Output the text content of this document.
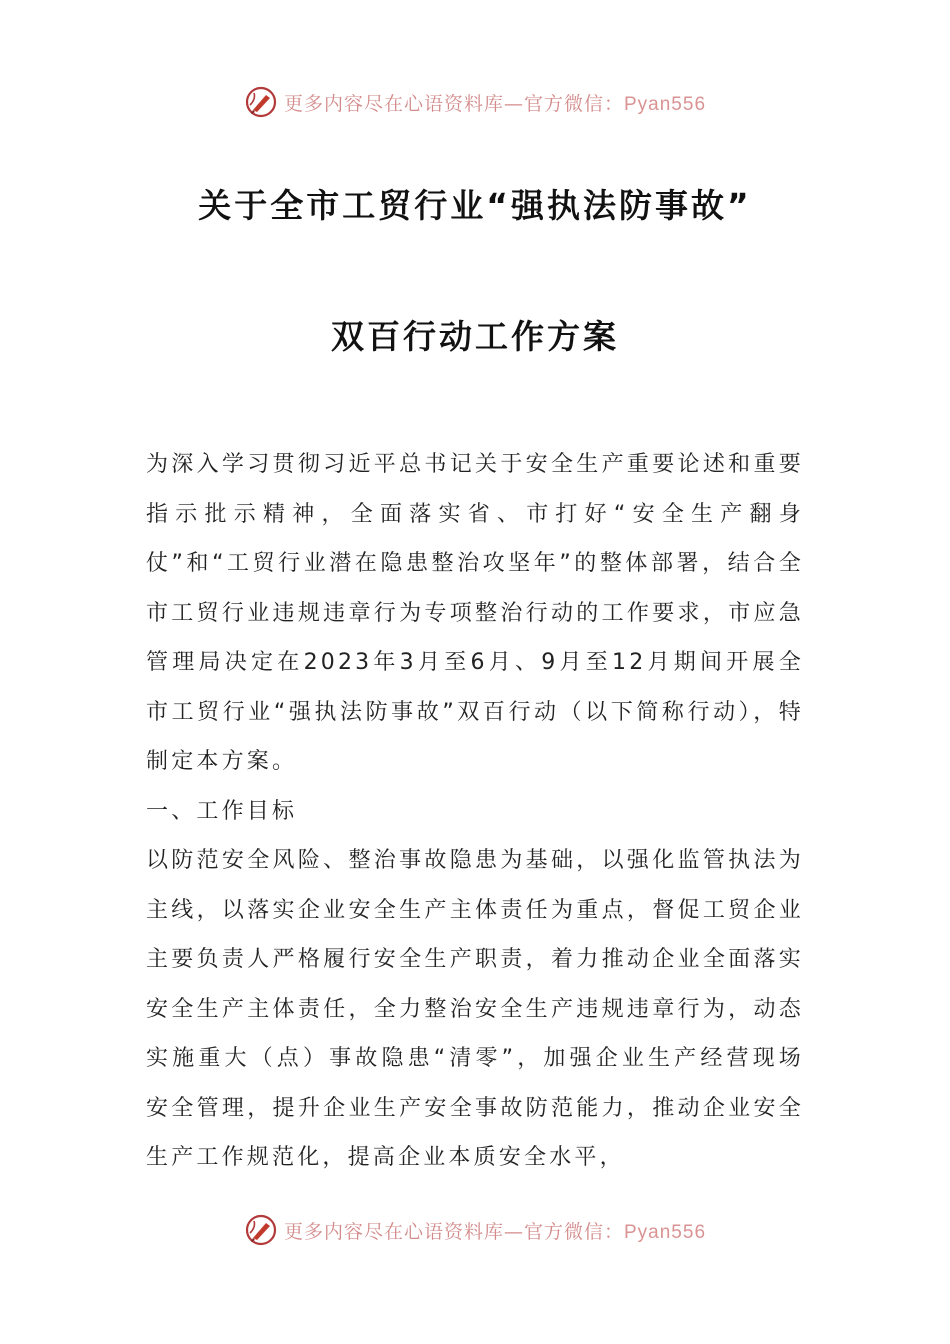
更多内容尽在心语资料库—官方微信：Pyan556
关于全市工贸行业“强执法防事故”
双百行动工作方案

为深入学习贯彻习近平总书记关于安全生产重要论述和重要指示批示精神，全面落实省、市打好“安全生产翻身仗”和“工贸行业潜在隐患整治攻坚年”的整体部署，结合全市工贸行业违规违章行为专项整治行动的工作要求，市应急管理局决定在2023年3月至6月、9月至12月期间开展全市工贸行业“强执法防事故”双百行动（以下简称行动），特制定本方案。

一、工作目标

以防范安全风险、整治事故隐患为基础，以强化监管执法为主线，以落实企业安全生产主体责任为重点，督促工贸企业主要负责人严格履行安全生产职责，着力推动企业全面落实安全生产主体责任，全力整治安全生产违规违章行为，动态实施重大（点）事故隐患“清零”，加强企业生产经营现场安全管理，提升企业生产安全事故防范能力，推动企业安全生产工作规范化，提高企业本质安全水平，

更多内容尽在心语资料库—官方微信：Pyan556
